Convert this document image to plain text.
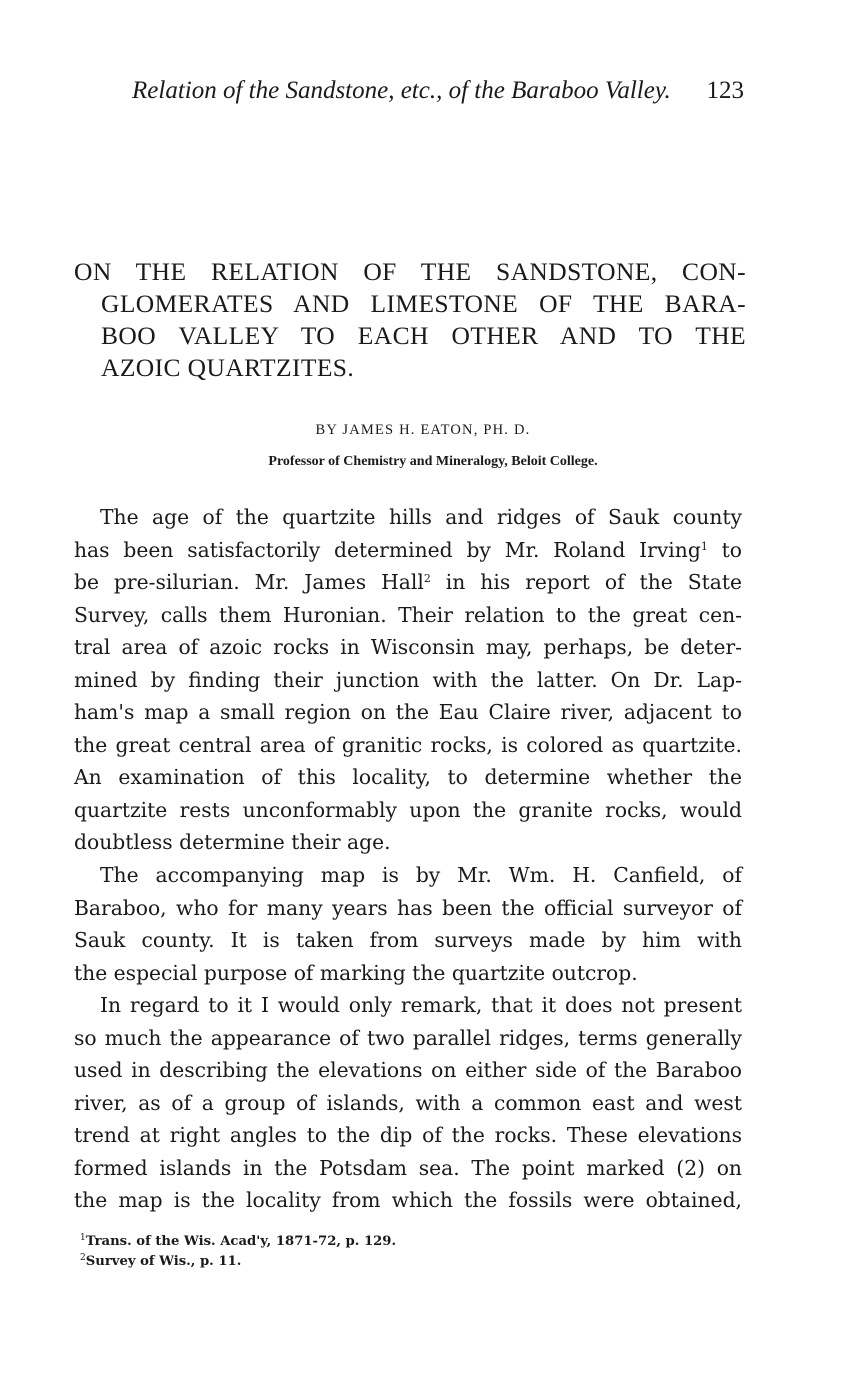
Relation of the Sandstone, etc., of the Baraboo Valley. 123
ON THE RELATION OF THE SANDSTONE, CON-
GLOMERATES AND LIMESTONE OF THE BARA-
BOO VALLEY TO EACH OTHER AND TO THE
AZOIC QUARTZITES.
BY JAMES H. EATON, PH. D.
Professor of Chemistry and Mineralogy, Beloit College.
The age of the quartzite hills and ridges of Sauk county
has been satisfactorily determined by Mr. Roland Irving$^1$ to
be pre-silurian. Mr. James Hall$^2$ in his report of the State
Survey, calls them Huronian. Their relation to the great cen-
tral area of azoic rocks in Wisconsin may, perhaps, be deter-
mined by finding their junction with the latter. On Dr. Lap-
ham's map a small region on the Eau Claire river, adjacent to
the great central area of granitic rocks, is colored as quartzite.
An examination of this locality, to determine whether the
quartzite rests unconformably upon the granite rocks, would
doubtless determine their age.
The accompanying map is by Mr. Wm. H. Canfield, of
Baraboo, who for many years has been the official surveyor of
Sauk county. It is taken from surveys made by him with
the especial purpose of marking the quartzite outcrop.
In regard to it I would only remark, that it does not present
so much the appearance of two parallel ridges, terms generally
used in describing the elevations on either side of the Baraboo
river, as of a group of islands, with a common east and west
trend at right angles to the dip of the rocks. These elevations
formed islands in the Potsdam sea. The point marked (2) on
the map is the locality from which the fossils were obtained,
$^1$Trans. of the Wis. Acad'y, 1871-72, p. 129.
$^2$Survey of Wis., p. 11.
